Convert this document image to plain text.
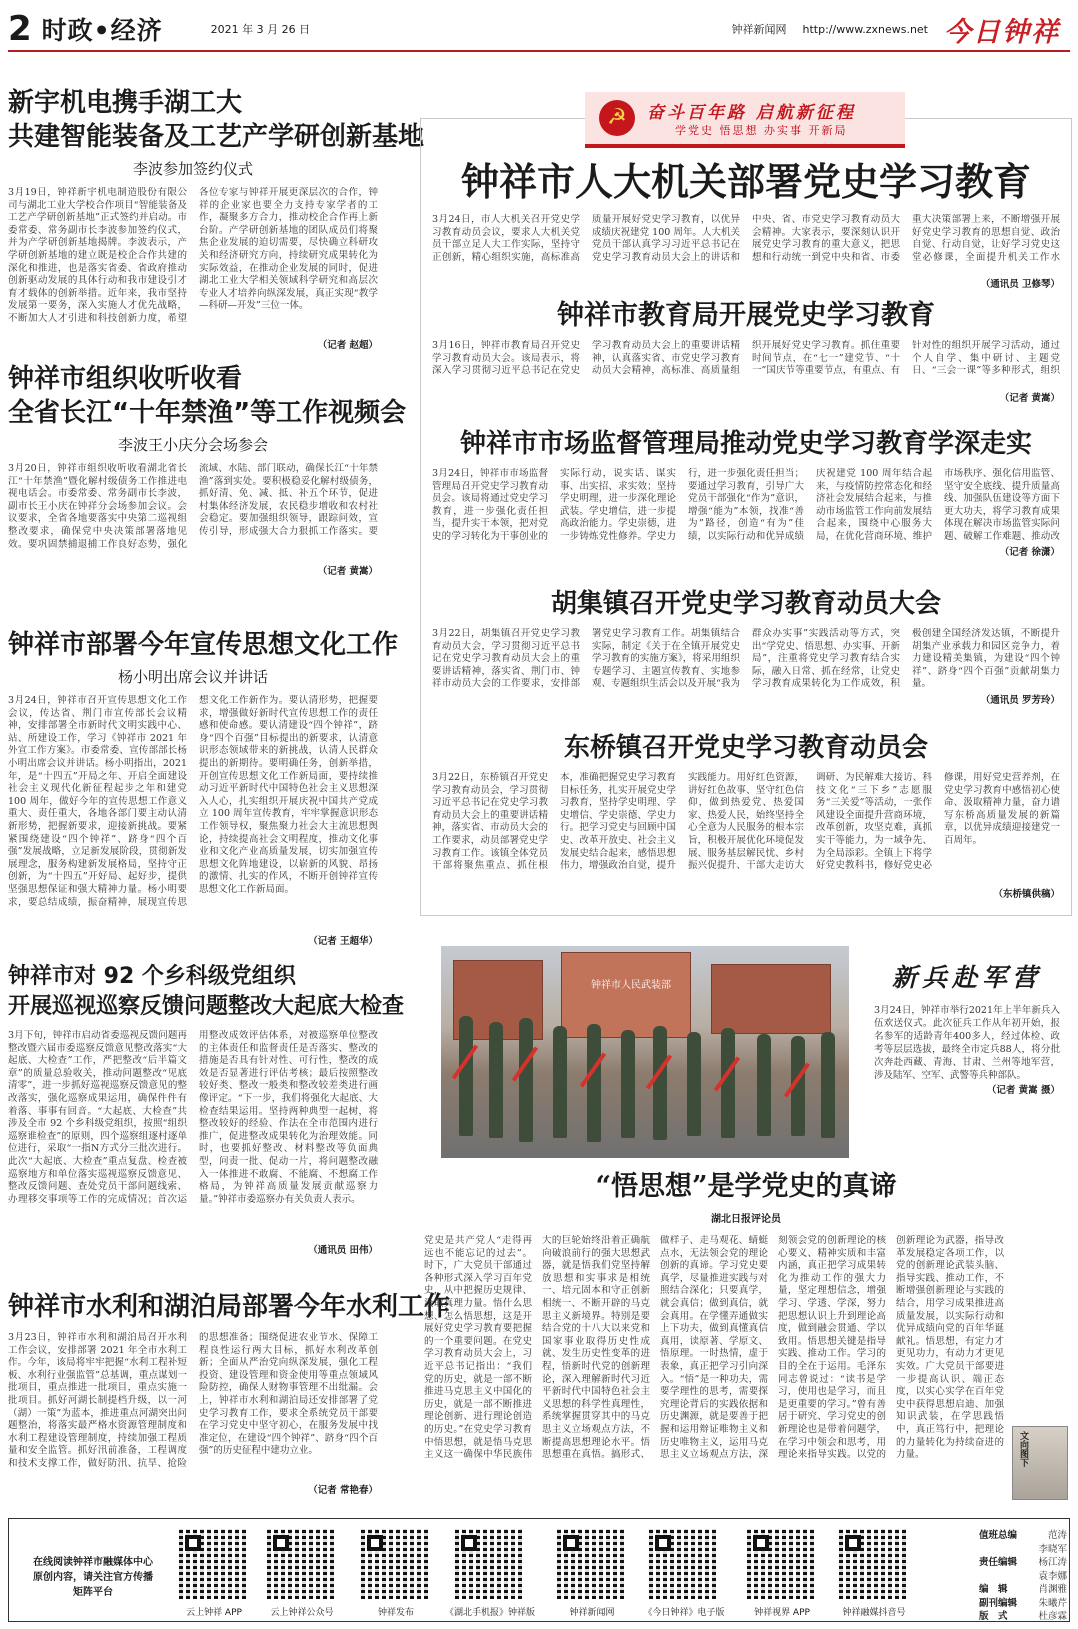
2 时政•经济	2021 年 3 月 26 日	钟祥新闻网 http://www.zxnews.net 今日钟祥
新宇机电携手湖工大
共建智能装备及工艺产学研创新基地
李波参加签约仪式
3月19日，钟祥新宇机电制造股份有限公司与湖北工业大学校合作项目“智能装备及工艺产学研创新基地”正式签约并启动。市委常委、常务副市长李波参加签约仪式，并为产学研创新基地揭牌。李波表示，产学研创新基地的建立既是校企合作共建的深化和推进，也是落实省委、省政府推动创新驱动发展的具体行动和我市建设引才育才载体的创新举措。近年来，我市坚持发展第一要务，深入实施人才优先战略，不断加大人才引进和科技创新力度，希望各位专家与钟祥开展更深层次的合作，钟祥的企业家也要全力支持专家学者的工作，凝聚多方合力，推动校企合作再上新台阶。产学研创新基地的团队成员们将聚焦企业发展的迫切需要，尽快确立科研攻关和经济研究方向，持续研究成果转化为实际效益，在推动企业发展的同时，促进湖北工业大学相关领域科学研究和高层次专业人才培养向纵深发展，真正实现“教学—科研—开发”三位一体。
（记者 赵超）
钟祥市组织收听收看
全省长江“十年禁渔”等工作视频会
李波王小庆分会场参会
3月20日，钟祥市组织收听收看湖北省长江“十年禁渔”暨化解村级债务工作推进电视电话会。市委常委、常务副市长李波，副市长王小庆在钟祥分会场参加会议。会议要求，全省各地要落实中央第二巡视组整改要求，确保党中央决策部署落地见效。要巩固禁捕退捕工作良好态势，强化流域、水陆、部门联动，确保长江“十年禁渔”落到实处。要积极稳妥化解村级债务，抓好清、免、减、抵、补五个环节，促进村集体经济发展，农民稳步增收和农村社会稳定。要加强组织领导，跟踪问效，宣传引导，形成强大合力狠抓工作落实。要
（记者 黄嵩）
钟祥市部署今年宣传思想文化工作
杨小明出席会议并讲话
3月24日，钟祥市召开宣传思想文化工作会议，传达省、荆门市宣传部长会议精神，安排部署全市新时代文明实践中心、站、所建设工作，学习《钟祥市 2021 年外宣工作方案》。市委常委、宣传部部长杨小明出席会议并讲话。杨小明指出，2021 年，是“十四五”开局之年、开启全面建设社会主义现代化新征程起步之年和建党 100 周年，做好今年的宣传思想工作意义重大、责任重大，各地各部门要主动认清新形势，把握新要求，迎接新挑战。要紧紧围绕建设“四个钟祥”、跻身“四个百强”发展战略，立足新发展阶段，贯彻新发展理念，服务构建新发展格局，坚持守正创新，为“十四五”开好局、起好步，提供坚强思想保证和强大精神力量。杨小明要求，要总结成绩，振奋精神，展现宣传思想文化工作新作为。要认清形势，把握要求，增强做好新时代宣传思想工作的责任感和使命感。要认清建设“四个钟祥”，跻身“四个百强”目标提出的新要求，认清意识形态领域带来的新挑战，认清人民群众提出的新期待。要明确任务，创新举措，开创宣传思想文化工作新局面，要持续推动习近平新时代中国特色社会主义思想深入人心，扎实组织开展庆祝中国共产党成立 100 周年宣传教育，牢牢掌握意识形态工作领导权，聚焦聚力社会大主流思想舆论，持续提高社会文明程度，推动文化事业和文化产业高质量发展，切实加强宣传思想文化阵地建设，以崭新的风貌、昂扬的激情、扎实的作风，不断开创钟祥宣传思想文化工作新局面。
（记者 王超华）
钟祥市对 92 个乡科级党组织
开展巡视巡察反馈问题整改大起底大检查
3月下旬，钟祥市启动省委巡视反馈问题再整改暨六届市委巡察反馈意见整改落实“大起底、大检查”工作，严把整改“后半篇文章”的质量总验收关，推动问题整改“见底清零”，进一步抓好巡视巡察反馈意见的整改落实，强化巡察成果运用，确保件件有着落、事事有回音。“大起底、大检查”共涉及全市 92 个乡科级党组织，按照“组织巡察谁检查”的原则，四个巡察组逐村逐单位进行，采取“一指N方式分三批次进行。此次“大起底、大检查”重点复盘、检查被巡察地方和单位落实巡视巡察反馈意见、整改反馈问题、查处党员干部问题线索、办理移交事项等工作的完成情况；首次运用整改成效评估体系，对被巡察单位整改的主体责任和监督责任是否落实、整改的措施是否具有针对性、可行性，整改的成效是否显著进行评估考核；最后按照整改较好类、整改一般类和整改较差类进行画像评定。“下一步，我们将强化大起底、大检查结果运用。坚持两种典型一起树，将整改较好的经验、作法在全市范围内进行推广，促进整改成果转化为治理效能。同时，也要抓好整改、材料整改等负面典型，问责一批、促动一片，将问题整改融入一体推进不敢腐、不能腐、不想腐工作格局，为钟祥高质量发展贡献巡察力量。”钟祥市委巡察办有关负责人表示。
（通讯员 田伟）
钟祥市水利和湖泊局部署今年水利工作
3月23日，钟祥市水利和湖泊局召开水利工作会议，安排部署 2021 年全市水利工作。今年，该局将牢牢把握“水利工程补短板、水利行业强监管”总基调，重点谋划一批项目，重点推进一批项目，重点实施一批项目。抓好河湖长制提档升级，以一河（湖）一策”为蓝本，推进重点河湖突出问题整治，将落实最严格水资源管理制度和水利工程建设管理制度，持续加强工程质量和安全监管。抓好汛前准备，工程调度和技术支撑工作，做好防汛、抗旱、抢险的思想准备；围绕促进农业节水、保障工程良性运行两大目标，抓好水利改革创新；全面从严治党向纵深发展，强化工程投资、建设管理和资金使用等重点领域风险防控，确保人财物事管理不出纰漏。会上，钟祥市水利和湖泊局还安排部署了党史学习教育工作，要求全系统党员干部要在学习党史中坚守初心，在服务发展中找准定位，在建设“四个钟祥”、跻身“四个百强”的历史征程中建功立业。
（记者 常艳春）
☭	奋斗百年路 启航新征程
学党史 悟思想 办实事 开新局
钟祥市人大机关部署党史学习教育
3月24日，市人大机关召开党史学习教育动员会议，要求人大机关党员干部立足人大工作实际，坚持守正创新，精心组织实施，高标准高质量开展好党史学习教育，以优异成绩庆祝建党 100 周年。人大机关党员干部认真学习习近平总书记在党史学习教育动员大会上的讲话和中央、省、市党史学习教育动员大会精神。大家表示，要深刻认识开展党史学习教育的重大意义，把思想和行动统一到党中央和省、市委重大决策部署上来，不断增强开展好党史学习教育的思想自觉、政治自觉、行动自觉，让好学习党史这堂必修课，全面提升机关工作水
（通讯员 卫修琴）
钟祥市教育局开展党史学习教育
3月16日，钟祥市教育局召开党史学习教育动员大会。该局表示，将深入学习贯彻习近平总书记在党史学习教育动员大会上的重要讲话精神，认真落实省、市党史学习教育动员大会精神，高标准、高质量组织开展好党史学习教育。抓住重要时间节点，在“七一”建党节、“十一”国庆节等重要节点，有重点、有针对性的组织开展学习活动，通过个人自学、集中研讨、主题党日、“三会一课”等多种形式，组织
（记者 黄嵩）
钟祥市市场监督管理局推动党史学习教育学深走实
3月24日，钟祥市市场监督管理局召开党史学习教育动员会。该局将通过党史学习教育，进一步强化责任担当，提升实干本领，把对党史的学习转化为干事创业的实际行动，说实话、谋实事、出实招、求实效；坚持学史明理，进一步深化理论武装。学史增信，进一步提高政治能力。学史崇德，进一步铸炼党性修养。学史力行，进一步强化责任担当；要通过学习教育，引导广大党员干部强化“作为”意识，增强“能为”本领，找准“善为”路径，创造“有为”佳绩，以实际行动和优异成绩庆祝建党 100 周年结合起来，与疫情防控常态化和经济社会发展结合起来，与推动市场监管工作向前发展结合起来，围绕中心服务大局，在优化营商环境、维护市场秩序、强化信用监管、坚守安全底线、提升质量高线、加强队伍建设等方面下更大功夫，将学习教育成果体现在解决市场监管实际问题、破解工作难题、推动改
（记者 徐潇）
胡集镇召开党史学习教育动员大会
3月22日，胡集镇召开党史学习教育动员大会，学习贯彻习近平总书记在党史学习教育动员大会上的重要讲话精神，落实省、荆门市、钟祥市动员大会的工作要求，安排部署党史学习教育工作。胡集镇结合实际，制定《关于在全镇开展党史学习教育的实施方案》，将采用组织专题学习、主题宣传教育、实地参观、专题组织生活会以及开展“我为群众办实事”实践活动等方式，突出“学党史、悟思想、办实事、开新局”，注重将党史学习教育结合实际，融入日常、抓在经常，让党史学习教育成果转化为工作成效，积极创建全国经济发达镇，不断提升胡集产业承载力和园区竞争力，着力建设精美集镇，为建设“四个钟祥”、跻身“四个百强”贡献胡集力量。
（通讯员 罗芳玲）
东桥镇召开党史学习教育动员会
3月22日，东桥镇召开党史学习教育动员会，学习贯彻习近平总书记在党史学习教育动员大会上的重要讲话精神，落实省、市动员大会的工作要求，动员部署党史学习教育工作。该镇全体党员干部将聚焦重点、抓住根本，准确把握党史学习教育目标任务，扎实开展党史学习教育，坚持学史明理、学史增信、学史崇德、学史力行。把学习党史与回顾中国史、改革开放史、社会主义发展史结合起来，感悟思想伟力，增强政治自觉，提升实践能力。用好红色资源，讲好红色故事、坚守红色信仰，做到热爱党、热爱国家、热爱人民，始终坚持全心全意为人民服务的根本宗旨，积极开展优化环境促发展、服务基层解民忧、乡村振兴促提升、干部大走访大调研、为民解难大接访、科技文化“三下乡”志愿服务“三关爱”等活动，一张作风建设全面提升营商环境，改革创新，攻坚克难，真抓实干等能力，为一域争先、为全局添彩。全镇上下将学好党史教科书，修好党史必修课，用好党史营养剂，在党史学习教育中感悟初心使命、汲取精神力量，奋力谱写东桥高质量发展的新篇章，以优异成绩迎接建党一百周年。
（东桥镇供稿）
钟祥市人民武装部	新兵赴军营
3月24日，钟祥市举行2021年上半年新兵入伍欢送仪式。此次征兵工作从年初开始，报名参军的适龄青年400多人，经过体检、政考等层层选拔，最终全市定兵88人，将分批次奔赴西藏、青海、甘肃、兰州等地军营，涉及陆军、空军、武警等兵种部队。
（记者 黄嵩 摄）
“悟思想”是学党史的真谛
湖北日报评论员
党史是共产党人“走得再远也不能忘记的过去”。时下，广大党员干部通过各种形式深入学习百年党史，从中把握历史规律、汲取真理力量。悟什么思想、怎么悟思想，这是开展好党史学习教育要把握的一个重要问题。在党史学习教育动员大会上，习近平总书记指出：“我们党的历史，就是一部不断推进马克思主义中国化的历史，就是一部不断推进理论创新、进行理论创造的历史。”在党史学习教育中悟思想，就是悟马克思主义这一确保中华民族伟大的巨轮始终沿着正确航向破浪前行的强大思想武器，就是悟我们党坚持解放思想和实事求是相统一、培元固本和守正创新相统一、不断开辟的马克思主义新境界。特别是要结合党的十八大以来党和国家事业取得历史性成就、发生历史性变革的进程，悟新时代党的创新理论，深入理解新时代习近平新时代中国特色社会主义思想的科学性真理性，系统掌握贯穿其中的马克思主义立场观点方法，不断提高思想理论水平。悟思想重在真悟。搞形式、做样子、走马观花、蜻蜓点水，无法领会党的理论创新的真谛。学习党史要真学，尽量推进实践与对照结合深化；只要真学，就会真信；做到真信，就会真用。在学懂弄通做实上下功夫，做到真懂真信真用，读原著、学原文、悟原理。一时热情，虚于表象，真正把学习引向深入。“悟”是一种功夫，需要学理性的思考，需要探究理论背后的实践依据和历史渊源，就是要善于把握和运用辩证唯物主义和历史唯物主义，运用马克思主义立场观点方法，深刻领会党的创新理论的核心要义、精神实质和丰富内涵，真正把学习成果转化为推动工作的强大力量，坚定理想信念，增强学习、学透、学深，努力把思想认识上升到理论高度，做到融会贯通、学以致用。悟思想关键是指导实践、推动工作。学习的目的全在于运用。毛泽东同志曾说过：“读书是学习，使用也是学习，而且是更重要的学习。”曾有善居于研究、学习党史的创新理论也是带着问题学，在学习中领会和思考，用理论来指导实践。以党的创新理论为武器，指导改革发展稳定各项工作，以党的创新理论武装头脑、指导实践、推动工作，不断增强创新理论与实践的结合，用学习成果推进高质量发展，以实际行动和优异成绩向党的百年华诞献礼。悟思想，有定力才更见功力，有动力才更见实效。广大党员干部要进一步提高认识、端正态度，以实心实学在百年党史中获得思想启迪、加强知识武装，在学思践悟中，真正笃行中，把理论的力量转化为持续奋进的力量。	文向图下
在线阅读钟祥市融媒体中心原创内容，请关注官方传播矩阵平台
云上钟祥 APP	云上钟祥公众号	钟祥发布	《湖北手机报》钟祥版	钟祥新闻网	《今日钟祥》电子版	钟祥视界 APP	钟祥融媒抖音号
值班总编	范涛
李晓军
责任编辑 杨江涛
袁李娜
编　辑	肖渊雅
副刊编辑 朱曦芹
版　式	杜彦霖
